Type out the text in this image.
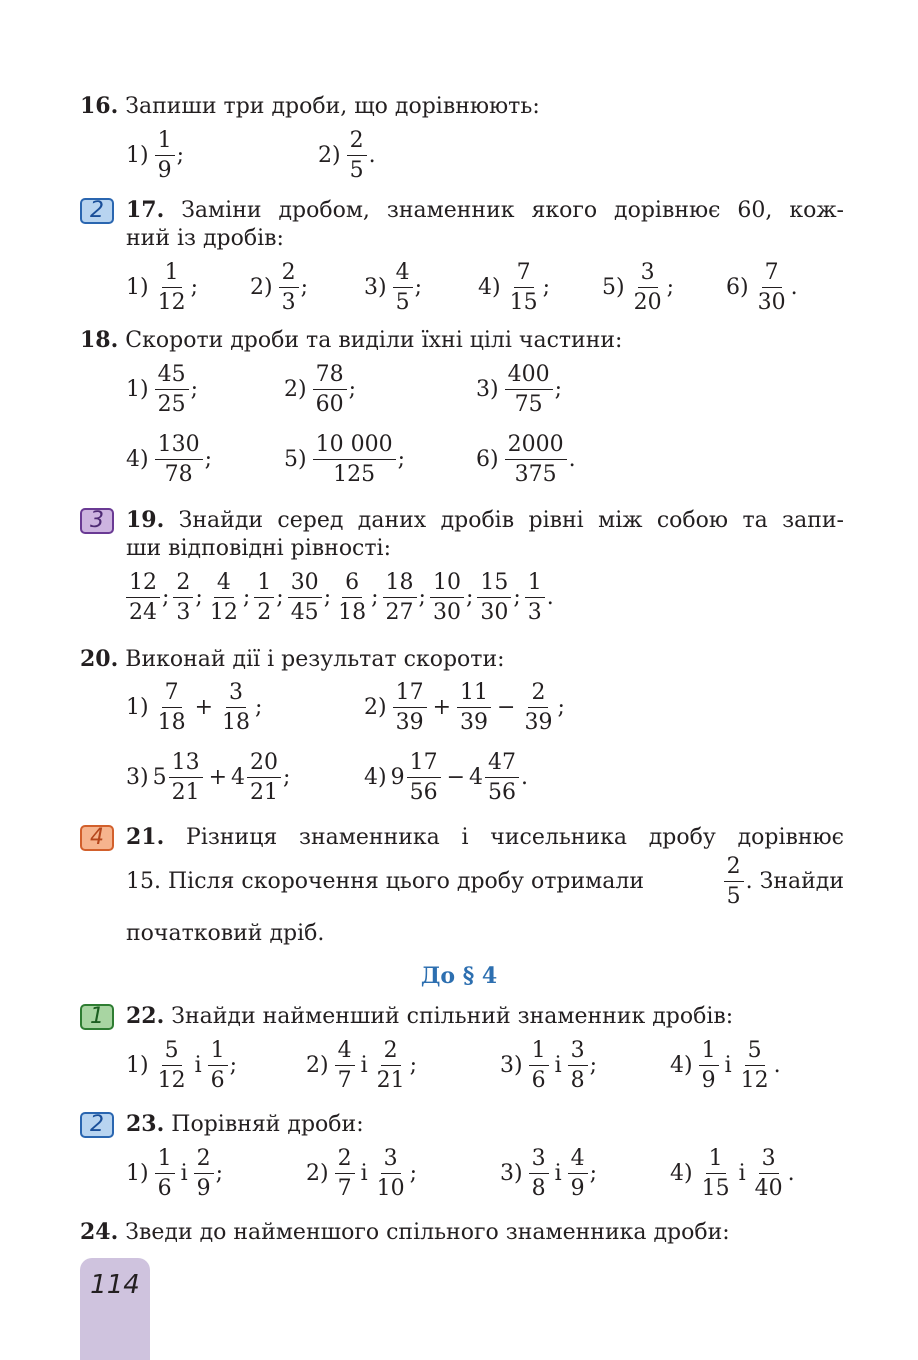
16. Запиши три дроби, що дорівнюють:
$1) \frac{1}{9}$ ;	$2) \frac{2}{5}$ .
2	17. Заміни дробом, знаменник якого дорівнює 60, кож-
ний із дробів:
$1) \frac{1}{12}$ ; $2) \frac{2}{3}$ ;	$3) \frac{4}{5}$ ;	$4) \frac{7}{15}$ ; $5) \frac{3}{20}$ ; $6) \frac{7}{30}$ .
18. Скороти дроби та виділи їхні цілі частини:
$1) \frac{45}{25}$ ;	$2) \frac{78}{60}$ ;	$3) \frac{400}{75}$ ;
$4) \frac{130}{78}$ ;	$5) \frac{10 000}{125}$ ;	$6) \frac{2000}{375}$ .
3	19. Знайди серед даних дробів рівні між собою та запи-
ши відповідні рівності:
$\frac{12}{24}$ ; $\frac{2}{3}$ ; $\frac{4}{12}$ ; $\frac{1}{2}$ ; $\frac{30}{45}$ ; $\frac{6}{18}$ ; $\frac{18}{27}$ ; $\frac{10}{30}$ ; $\frac{15}{30}$ ; $\frac{1}{3}$ .
20. Виконай дії і результат скороти:
$1) \frac{7}{18} + \frac{3}{18}$ ;	$2) \frac{17}{39} + \frac{11}{39} - \frac{2}{39}$ ;
3) $5 \frac{13}{21} + 4 \frac{20}{21}$ ;	4) $9 \frac{17}{56} - 4 \frac{47}{56}$ .
4	21. Різниця знаменника і чисельника дробу дорівнює
15. Після скорочення цього дробу отримали	$\frac{2}{5}$ . Знайди
початковий дріб.
До § 4
1	22. Знайди найменший спільний знаменник дробів:
$1) \frac{5}{12}$ і $\frac{1}{6}$ ;	$2) \frac{4}{7}$ і $\frac{2}{21}$ ;	$3) \frac{1}{6}$ і $\frac{3}{8}$ ;	$4) \frac{1}{9}$ і $\frac{5}{12}$ .
2	23. Порівняй дроби:
$1) \frac{1}{6}$ і $\frac{2}{9}$ ;	$2) \frac{2}{7}$ і $\frac{3}{10}$ ;	$3) \frac{3}{8}$ і $\frac{4}{9}$ ;	$4) \frac{1}{15}$ і $\frac{3}{40}$ .
24. Зведи до найменшого спільного знаменника дроби:
114
